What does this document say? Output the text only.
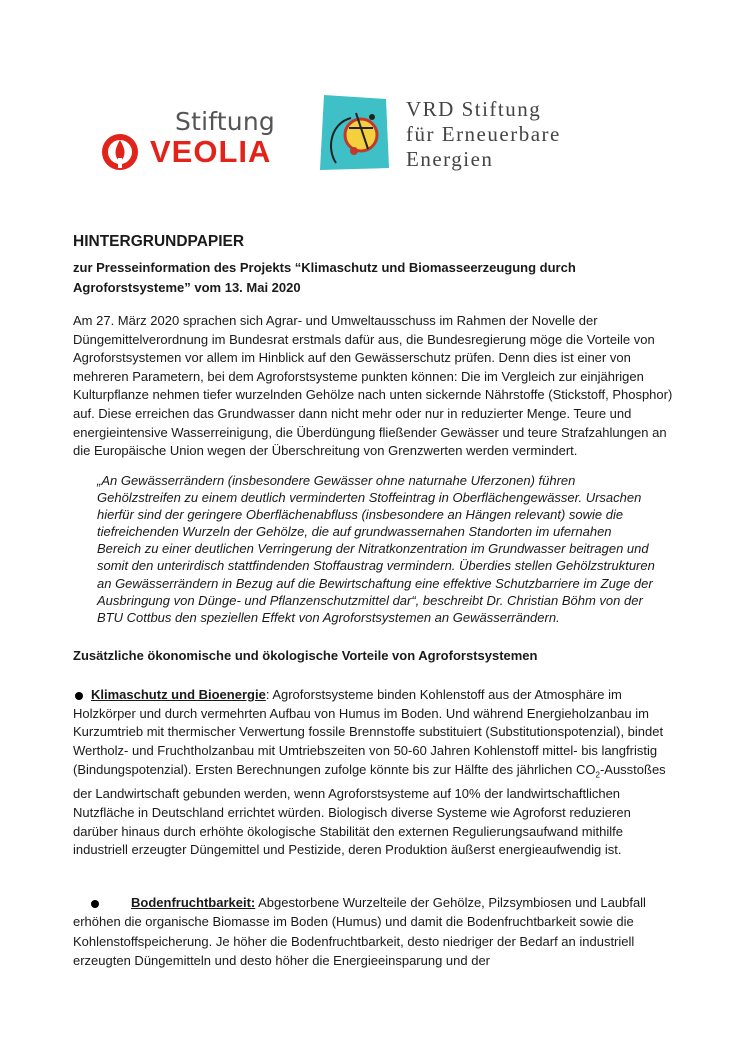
Stiftung
VEOLIA
VRD Stiftung
für Erneuerbare
Energien
HINTERGRUNDPAPIER
zur Presseinformation des Projekts “Klimaschutz und Biomasseerzeugung durch Agroforstsysteme” vom 13. Mai 2020
Am 27. März 2020 sprachen sich Agrar- und Umweltausschuss im Rahmen der Novelle der Düngemittelverordnung im Bundesrat erstmals dafür aus, die Bundesregierung möge die Vorteile von Agroforstsystemen vor allem im Hinblick auf den Gewässerschutz prüfen. Denn dies ist einer von mehreren Parametern, bei dem Agroforstsysteme punkten können: Die im Vergleich zur einjährigen Kulturpflanze nehmen tiefer wurzelnden Gehölze nach unten sickernde Nährstoffe (Stickstoff, Phosphor) auf. Diese erreichen das Grundwasser dann nicht mehr oder nur in reduzierter Menge. Teure und energieintensive Wasserreinigung, die Überdüngung fließender Gewässer und teure Strafzahlungen an die Europäische Union wegen der Überschreitung von Grenzwerten werden vermindert.
„An Gewässerrändern (insbesondere Gewässer ohne naturnahe Uferzonen) führen Gehölzstreifen zu einem deutlich verminderten Stoffeintrag in Oberflächengewässer. Ursachen hierfür sind der geringere Oberflächenabfluss (insbesondere an Hängen relevant) sowie die tiefreichenden Wurzeln der Gehölze, die auf grundwassernahen Standorten im ufernahen Bereich zu einer deutlichen Verringerung der Nitratkonzentration im Grundwasser beitragen und somit den unterirdisch stattfindenden Stoffaustrag vermindern. Überdies stellen Gehölzstrukturen an Gewässerrändern in Bezug auf die Bewirtschaftung eine effektive Schutzbarriere im Zuge der Ausbringung von Dünge- und Pflanzenschutzmittel dar“, beschreibt Dr. Christian Böhm von der BTU Cottbus den speziellen Effekt von Agroforstsystemen an Gewässerrändern.
Zusätzliche ökonomische und ökologische Vorteile von Agroforstsystemen
Klimaschutz und Bioenergie: Agroforstsysteme binden Kohlenstoff aus der Atmosphäre im Holzkörper und durch vermehrten Aufbau von Humus im Boden. Und während Energieholzanbau im Kurzumtrieb mit thermischer Verwertung fossile Brennstoffe substituiert (Substitutionspotenzial), bindet Wertholz- und Fruchtholzanbau mit Umtriebszeiten von 50-60 Jahren Kohlenstoff mittel- bis langfristig (Bindungspotenzial). Ersten Berechnungen zufolge könnte bis zur Hälfte des jährlichen $CO_2$-Ausstoßes der Landwirtschaft gebunden werden, wenn Agroforstsysteme auf 10% der landwirtschaftlichen Nutzfläche in Deutschland errichtet würden. Biologisch diverse Systeme wie Agroforst reduzieren darüber hinaus durch erhöhte ökologische Stabilität den externen Regulierungsaufwand mithilfe industriell erzeugter Düngemittel und Pestizide, deren Produktion äußerst energieaufwendig ist.
Bodenfruchtbarkeit: Abgestorbene Wurzelteile der Gehölze, Pilzsymbiosen und Laubfall erhöhen die organische Biomasse im Boden (Humus) und damit die Bodenfruchtbarkeit sowie die Kohlenstoffspeicherung. Je höher die Bodenfruchtbarkeit, desto niedriger der Bedarf an industriell erzeugten Düngemitteln und desto höher die Energieeinsparung und der
